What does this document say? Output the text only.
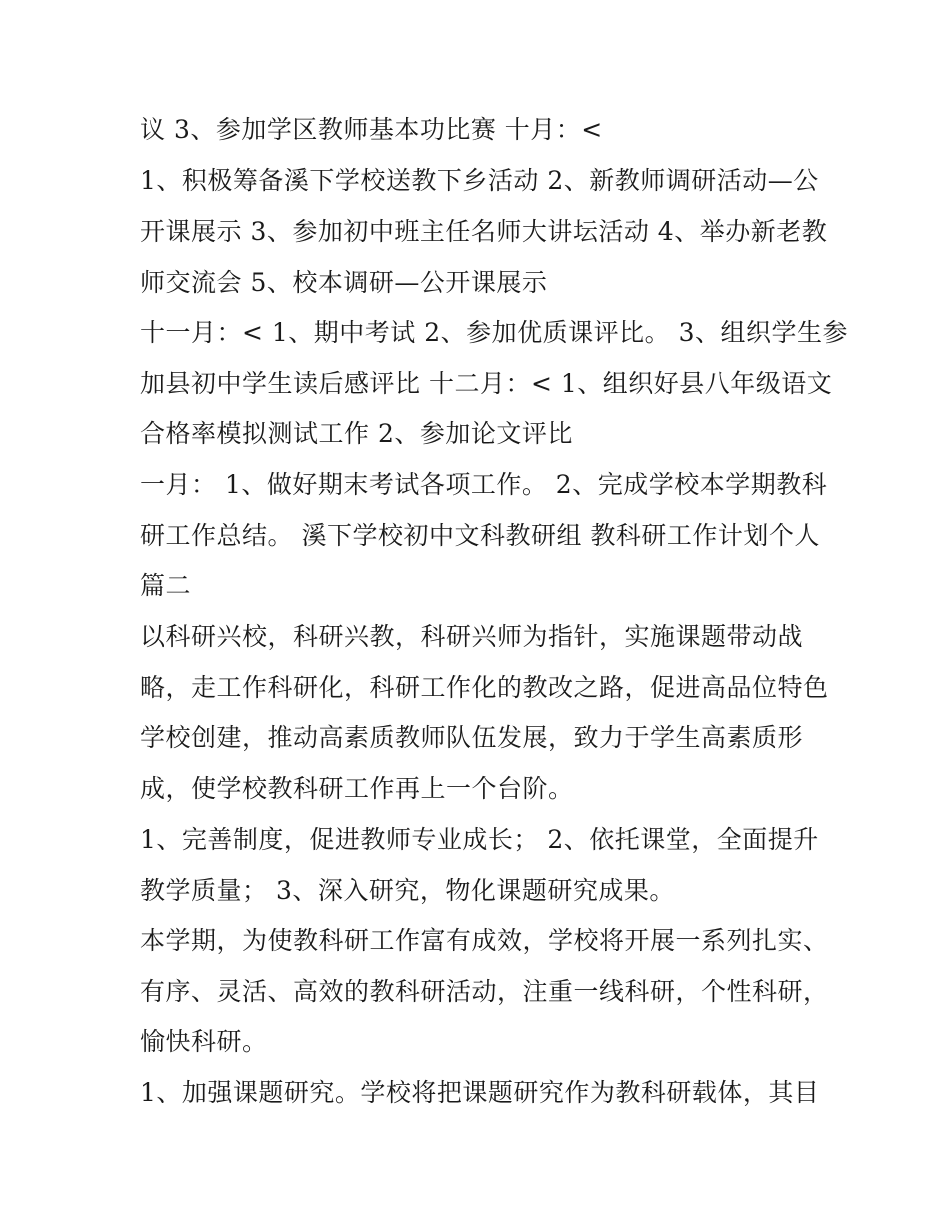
议 3、参加学区教师基本功比赛 十月：<
1、积极筹备溪下学校送教下乡活动 2、新教师调研活动—公
开课展示 3、参加初中班主任名师大讲坛活动 4、举办新老教
师交流会 5、校本调研—公开课展示
十一月：< 1、期中考试 2、参加优质课评比。 3、组织学生参
加县初中学生读后感评比 十二月：< 1、组织好县八年级语文
合格率模拟测试工作 2、参加论文评比
一月： 1、做好期末考试各项工作。 2、完成学校本学期教科
研工作总结。 溪下学校初中文科教研组 教科研工作计划个人
篇二
以科研兴校，科研兴教，科研兴师为指针，实施课题带动战
略，走工作科研化，科研工作化的教改之路，促进高品位特色
学校创建，推动高素质教师队伍发展，致力于学生高素质形
成，使学校教科研工作再上一个台阶。
1、完善制度，促进教师专业成长； 2、依托课堂，全面提升
教学质量； 3、深入研究，物化课题研究成果。
本学期，为使教科研工作富有成效，学校将开展一系列扎实、
有序、灵活、高效的教科研活动，注重一线科研，个性科研，
愉快科研。
1、加强课题研究。学校将把课题研究作为教科研载体，其目
